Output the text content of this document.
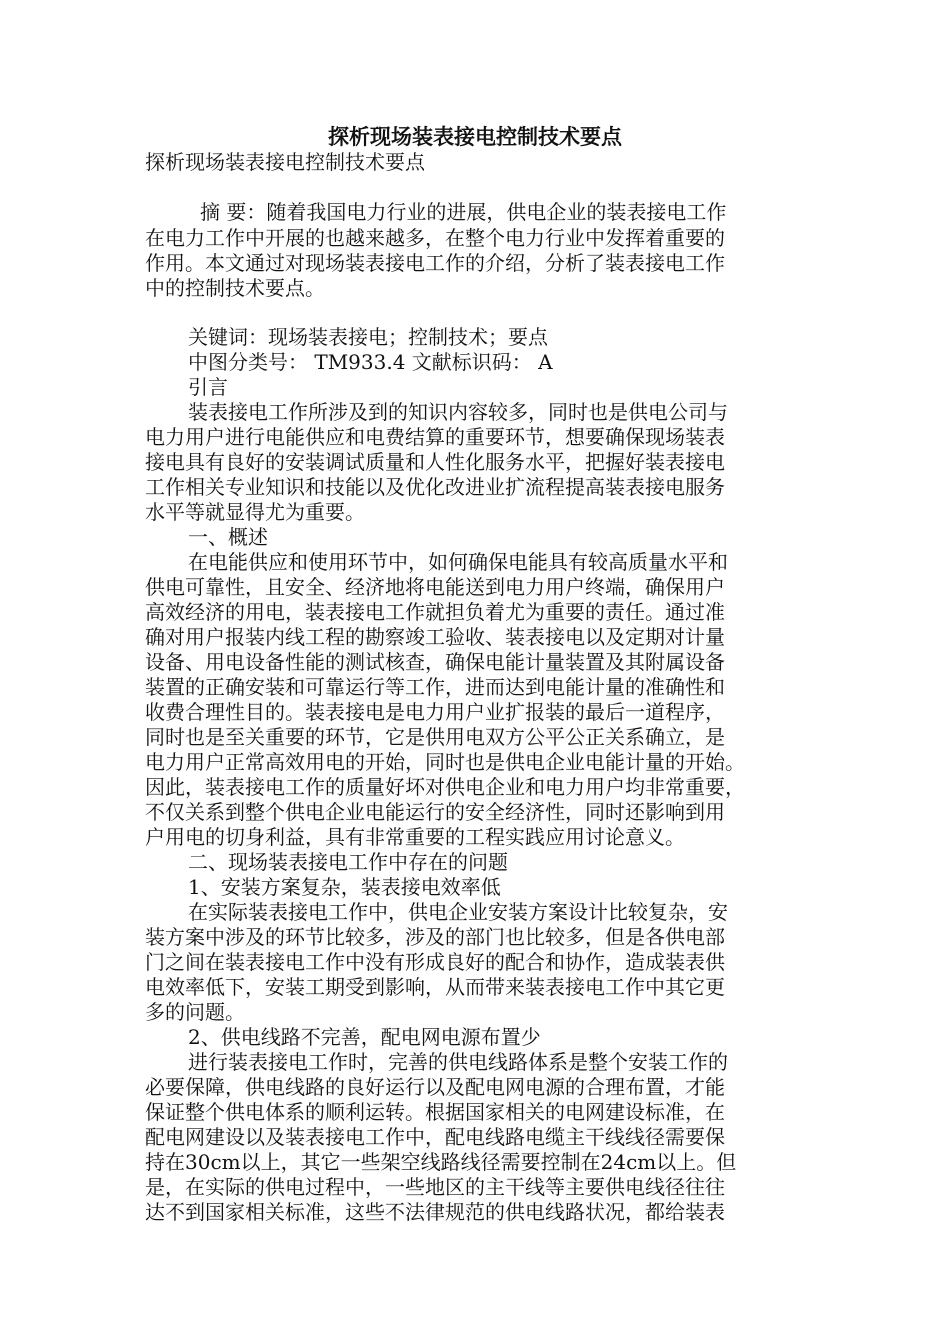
探析现场装表接电控制技术要点
探析现场装表接电控制技术要点
摘 要：随着我国电力行业的进展，供电企业的装表接电工作
在电力工作中开展的也越来越多，在整个电力行业中发挥着重要的
作用。本文通过对现场装表接电工作的介绍，分析了装表接电工作
中的控制技术要点。
关键词：现场装表接电；控制技术；要点
中图分类号： TM933.4 文献标识码： A
引言
装表接电工作所涉及到的知识内容较多，同时也是供电公司与
电力用户进行电能供应和电费结算的重要环节，想要确保现场装表
接电具有良好的安装调试质量和人性化服务水平，把握好装表接电
工作相关专业知识和技能以及优化改进业扩流程提高装表接电服务
水平等就显得尤为重要。
一、概述
在电能供应和使用环节中，如何确保电能具有较高质量水平和
供电可靠性，且安全、经济地将电能送到电力用户终端，确保用户
高效经济的用电，装表接电工作就担负着尤为重要的责任。通过准
确对用户报装内线工程的勘察竣工验收、装表接电以及定期对计量
设备、用电设备性能的测试核查，确保电能计量装置及其附属设备
装置的正确安装和可靠运行等工作，进而达到电能计量的准确性和
收费合理性目的。装表接电是电力用户业扩报装的最后一道程序，
同时也是至关重要的环节，它是供用电双方公平公正关系确立，是
电力用户正常高效用电的开始，同时也是供电企业电能计量的开始。
因此，装表接电工作的质量好坏对供电企业和电力用户均非常重要，
不仅关系到整个供电企业电能运行的安全经济性，同时还影响到用
户用电的切身利益，具有非常重要的工程实践应用讨论意义。
二、现场装表接电工作中存在的问题
1、安装方案复杂，装表接电效率低
在实际装表接电工作中，供电企业安装方案设计比较复杂，安
装方案中涉及的环节比较多，涉及的部门也比较多，但是各供电部
门之间在装表接电工作中没有形成良好的配合和协作，造成装表供
电效率低下，安装工期受到影响，从而带来装表接电工作中其它更
多的问题。
2、供电线路不完善，配电网电源布置少
进行装表接电工作时，完善的供电线路体系是整个安装工作的
必要保障，供电线路的良好运行以及配电网电源的合理布置，才能
保证整个供电体系的顺利运转。根据国家相关的电网建设标准，在
配电网建设以及装表接电工作中，配电线路电缆主干线线径需要保
持在30cm以上，其它一些架空线路线径需要控制在24cm以上。但
是，在实际的供电过程中，一些地区的主干线等主要供电线径往往
达不到国家相关标准，这些不法律规范的供电线路状况，都给装表
